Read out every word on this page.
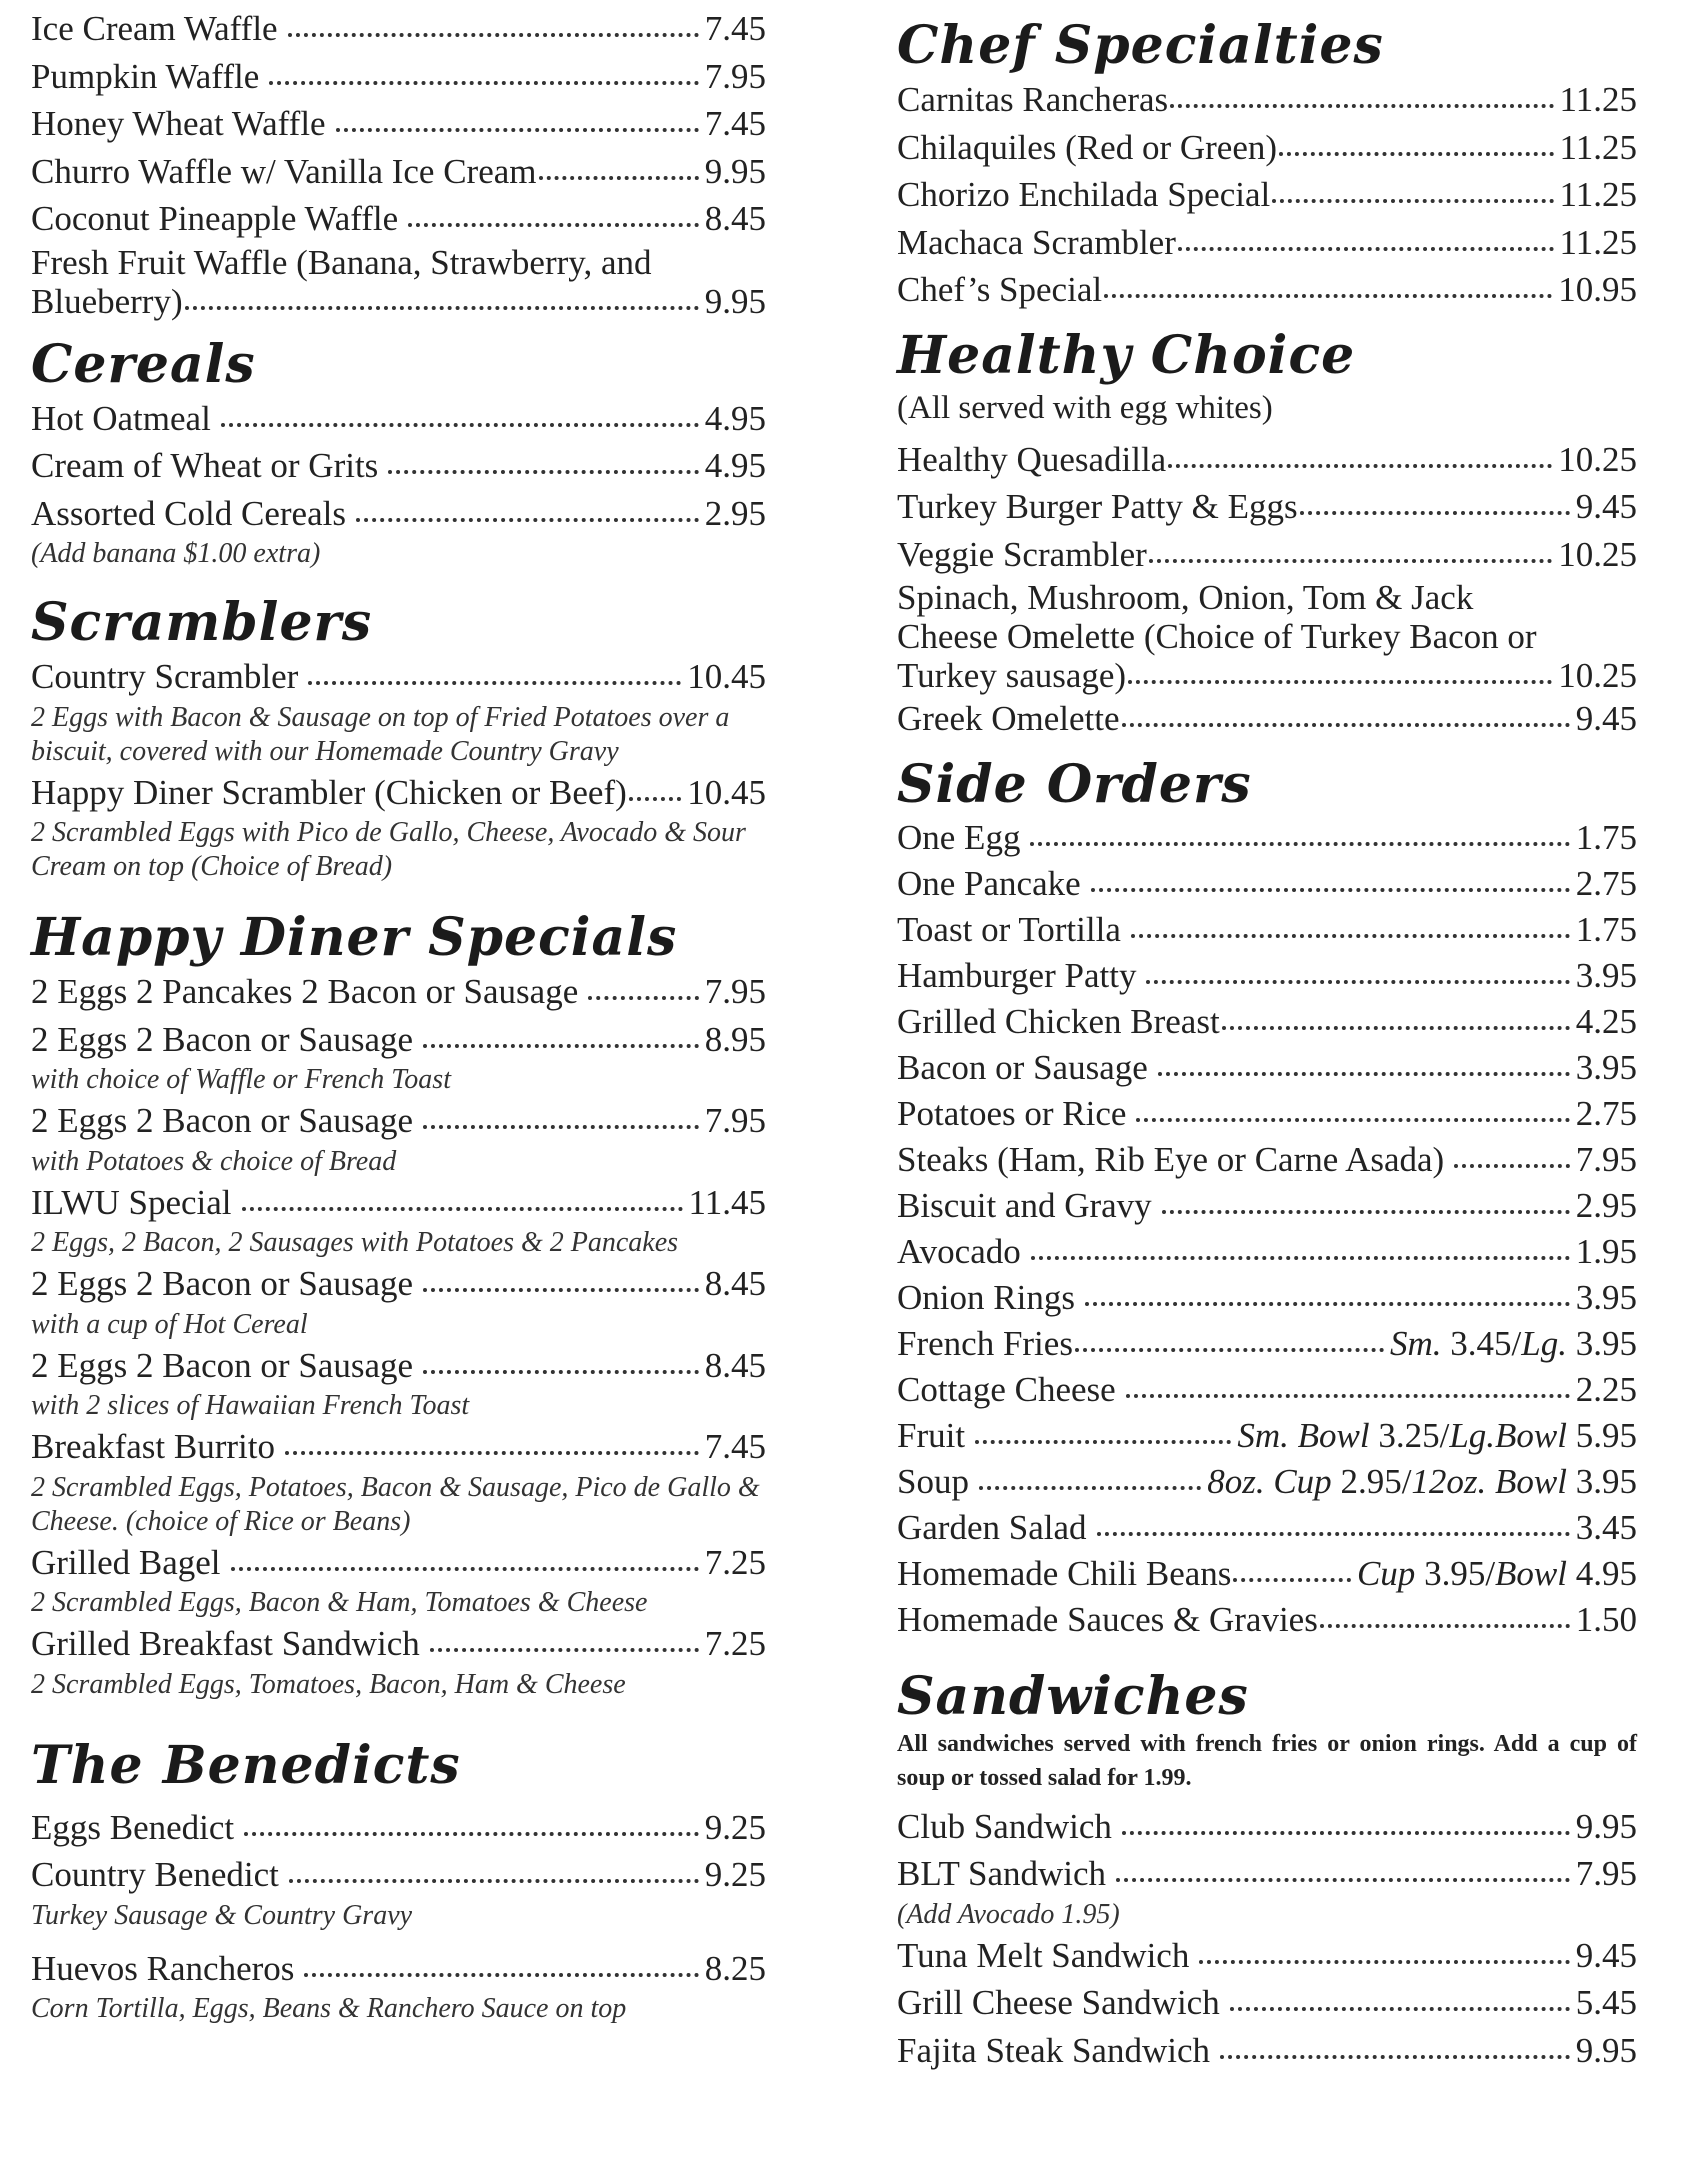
Ice Cream Waffle	7.45
Pumpkin Waffle	7.95
Honey Wheat Waffle	7.45
Churro Waffle w/ Vanilla Ice Cream	9.95
Coconut Pineapple Waffle	8.45
Fresh Fruit Waffle (Banana, Strawberry, and
Blueberry)	9.95
Cereals
Hot Oatmeal	4.95
Cream of Wheat or Grits	4.95
Assorted Cold Cereals	2.95
(Add banana $1.00 extra)
Scramblers
Country Scrambler	10.45
2 Eggs with Bacon & Sausage on top of Fried Potatoes over a biscuit, covered with our Homemade Country Gravy
Happy Diner Scrambler (Chicken or Beef) 10.45
2 Scrambled Eggs with Pico de Gallo, Cheese, Avocado & Sour Cream on top (Choice of Bread)
Happy Diner Specials
2 Eggs 2 Pancakes 2 Bacon or Sausage	7.95
2 Eggs 2 Bacon or Sausage	8.95
with choice of Waffle or French Toast
2 Eggs 2 Bacon or Sausage	7.95
with Potatoes & choice of Bread
ILWU Special	11.45
2 Eggs, 2 Bacon, 2 Sausages with Potatoes & 2 Pancakes
2 Eggs 2 Bacon or Sausage	8.45
with a cup of Hot Cereal
2 Eggs 2 Bacon or Sausage	8.45
with 2 slices of Hawaiian French Toast
Breakfast Burrito	7.45
2 Scrambled Eggs, Potatoes, Bacon & Sausage, Pico de Gallo & Cheese. (choice of Rice or Beans)
Grilled Bagel	7.25
2 Scrambled Eggs, Bacon & Ham, Tomatoes & Cheese
Grilled Breakfast Sandwich	7.25
2 Scrambled Eggs, Tomatoes, Bacon, Ham & Cheese
The Benedicts
Eggs Benedict	9.25
Country Benedict	9.25
Turkey Sausage & Country Gravy
Huevos Rancheros	8.25
Corn Tortilla, Eggs, Beans & Ranchero Sauce on top
Chef Specialties
Carnitas Rancheras	11.25
Chilaquiles (Red or Green)	11.25
Chorizo Enchilada Special	11.25
Machaca Scrambler	11.25
Chef’s Special	10.95
Healthy Choice
(All served with egg whites)
Healthy Quesadilla	10.25
Turkey Burger Patty & Eggs	9.45
Veggie Scrambler	10.25
Spinach, Mushroom, Onion, Tom & Jack
Cheese Omelette (Choice of Turkey Bacon or
Turkey sausage)	10.25
Greek Omelette	9.45
Side Orders
One Egg	1.75
One Pancake	2.75
Toast or Tortilla	1.75
Hamburger Patty	3.95
Grilled Chicken Breast	4.25
Bacon or Sausage	3.95
Potatoes or Rice	2.75
Steaks (Ham, Rib Eye or Carne Asada)	7.95
Biscuit and Gravy	2.95
Avocado	1.95
Onion Rings	3.95
French Fries	Sm. 3.45/Lg. 3.95
Cottage Cheese	2.25
Fruit	Sm. Bowl 3.25/Lg.Bowl 5.95
Soup	8oz. Cup 2.95/12oz. Bowl 3.95
Garden Salad	3.45
Homemade Chili Beans	Cup 3.95/Bowl 4.95
Homemade Sauces & Gravies	1.50
Sandwiches
All sandwiches served with french fries or onion rings. Add a cup of soup or tossed salad for 1.99.
Club Sandwich	9.95
BLT Sandwich	7.95
(Add Avocado 1.95)
Tuna Melt Sandwich	9.45
Grill Cheese Sandwich	5.45
Fajita Steak Sandwich	9.95
